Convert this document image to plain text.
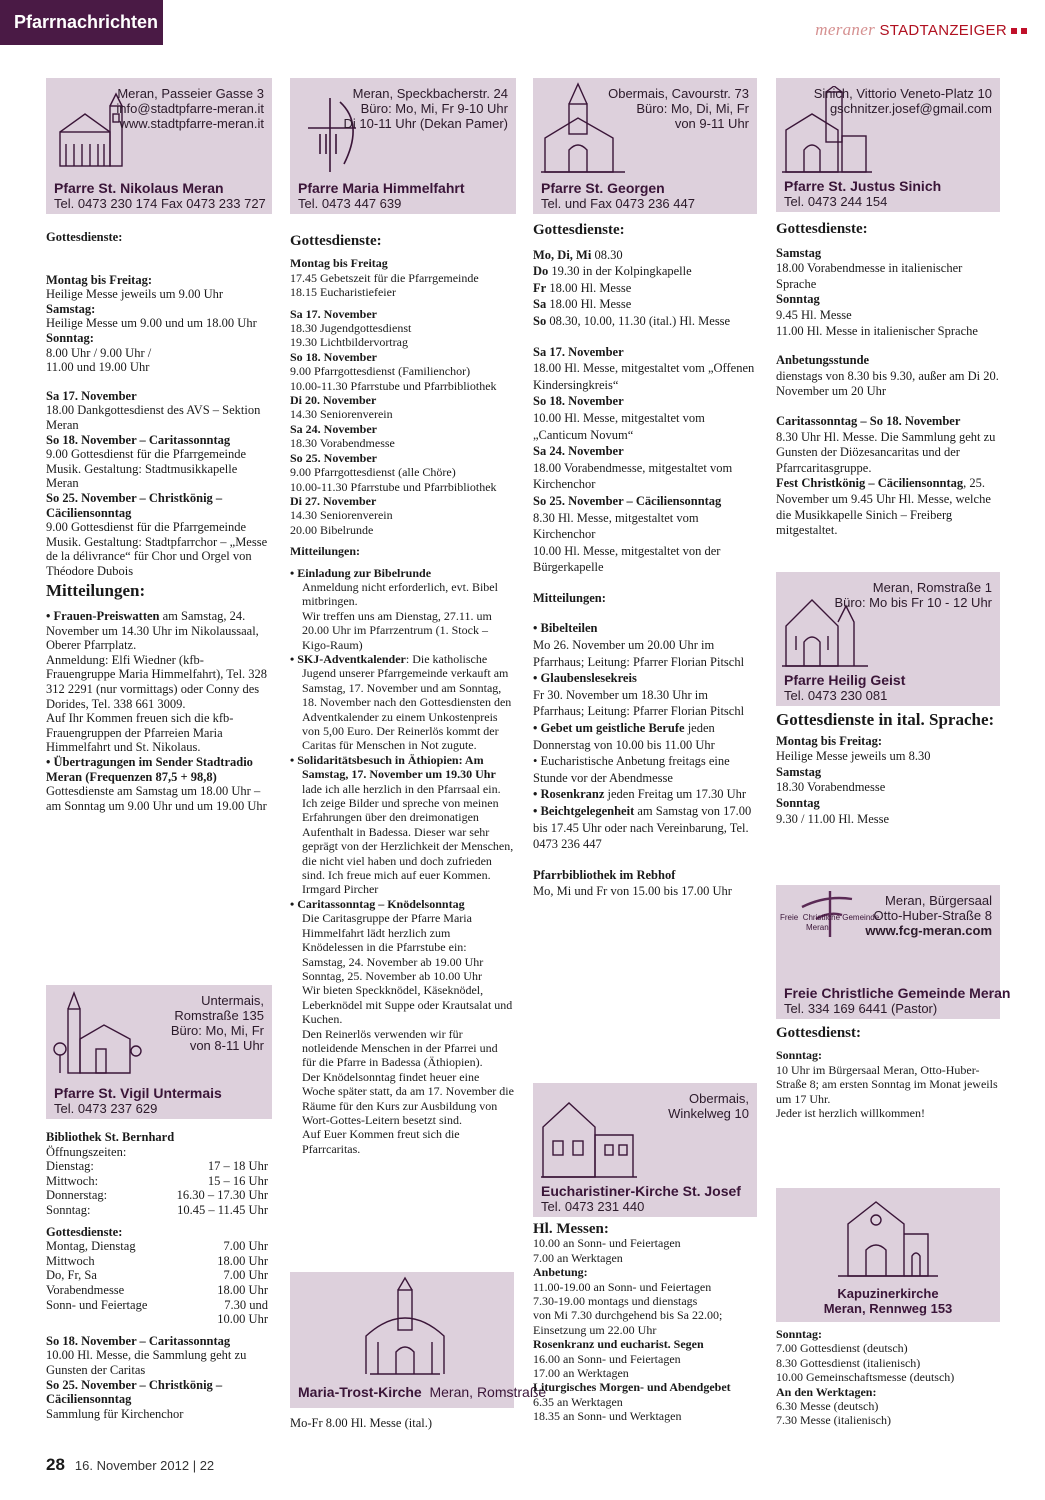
Pfarrnachrichten	meraner STADTANZEIGER
Meran, Passeier Gasse 3
info@stadtpfarre-meran.it
www.stadtpfarre-meran.it
Pfarre St. Nikolaus Meran
Tel. 0473 230 174 Fax 0473 233 727

Gottesdienste:

Montag bis Freitag:

Heilige Messe jeweils um 9.00 Uhr

Samstag:

Heilige Messe um 9.00 und um 18.00 Uhr

Sonntag:

8.00 Uhr / 9.00 Uhr /

11.00 und 19.00 Uhr

Sa 17. November

18.00 Dankgottesdienst des AVS – Sektion Meran

So 18. November – Caritassonntag

9.00 Gottesdienst für die Pfarrgemeinde Musik. Gestaltung: Stadtmusikkapelle Meran

So 25. November – Christkönig – Cäciliensonntag

9.00 Gottesdienst für die Pfarrgemeinde Musik. Gestaltung: Stadtpfarrchor – „Messe de la délivrance“ für Chor und Orgel von Théodore Dubois

Mitteilungen:

• Frauen-Preiswatten am Samstag, 24. November um 14.30 Uhr im Nikolaussaal, Oberer Pfarrplatz.

Anmeldung: Elfi Wiedner (kfb-Frauengruppe Maria Himmelfahrt), Tel. 328 312 2291 (nur vormittags) oder Conny des Dorides, Tel. 338 661 3009.

Auf Ihr Kommen freuen sich die kfb-Frauengruppen der Pfarreien Maria Himmelfahrt und St. Nikolaus.

• Übertragungen im Sender Stadtradio Meran (Frequenzen 87,5 + 98,8)

Gottesdienste am Samstag um 18.00 Uhr – am Sonntag um 9.00 Uhr und um 19.00 Uhr

Untermais,
Romstraße 135
Büro: Mo, Mi, Fr
von 8-11 Uhr
Pfarre St. Vigil Untermais
Tel. 0473 237 629

Bibliothek St. Bernhard

Öffnungszeiten:

Dienstag:	17 – 18 Uhr
Mittwoch:	15 – 16 Uhr
Donnerstag:	16.30 – 17.30 Uhr
Sonntag:	10.45 – 11.45 Uhr

Gottesdienste:

Montag, Dienstag	7.00 Uhr
Mittwoch	18.00 Uhr
Do, Fr, Sa	7.00 Uhr
Vorabendmesse	18.00 Uhr
Sonn- und Feiertage	7.30 und
10.00 Uhr

So 18. November – Caritassonntag

10.00 Hl. Messe, die Sammlung geht zu Gunsten der Caritas

So 25. November – Christkönig – Cäciliensonntag

Sammlung für Kirchenchor

Meran, Speckbacherstr. 24
Büro: Mo, Mi, Fr 9-10 Uhr
Di 10-11 Uhr (Dekan Pamer)
Pfarre Maria Himmelfahrt
Tel. 0473 447 639

Gottesdienste:

Montag bis Freitag

17.45 Gebetszeit für die Pfarrgemeinde

18.15 Eucharistiefeier

Sa 17. November

18.30 Jugendgottesdienst

19.30 Lichtbildervortrag

So 18. November

9.00 Pfarrgottesdienst (Familienchor)

10.00-11.30 Pfarrstube und Pfarrbibliothek

Di 20. November

14.30 Seniorenverein

Sa 24. November

18.30 Vorabendmesse

So 25. November

9.00 Pfarrgottesdienst (alle Chöre)

10.00-11.30 Pfarrstube und Pfarrbibliothek

Di 27. November

14.30 Seniorenverein

20.00 Bibelrunde

Mitteilungen:

• Einladung zur Bibelrunde

Anmeldung nicht erforderlich, evt. Bibel mitbringen.

Wir treffen uns am Dienstag, 27.11. um 20.00 Uhr im Pfarrzentrum (1. Stock – Kigo-Raum)

• SKJ-Adventkalender: Die katholische Jugend unserer Pfarrgemeinde verkauft am Samstag, 17. November und am Sonntag, 18. November nach den Gottesdiensten den Adventkalender zu einem Unkostenpreis von 5,00 Euro. Der Reinerlös kommt der Caritas für Menschen in Not zugute.

• Solidaritätsbesuch in Äthiopien: Am Samstag, 17. November um 19.30 Uhr lade ich alle herzlich in den Pfarrsaal ein. Ich zeige Bilder und spreche von meinen Erfahrungen über den dreimonatigen Aufenthalt in Badessa. Dieser war sehr geprägt von der Herzlichkeit der Menschen, die nicht viel haben und doch zufrieden sind. Ich freue mich auf euer Kommen. Irmgard Pircher

• Caritassonntag – Knödelsonntag

Die Caritasgruppe der Pfarre Maria Himmelfahrt lädt herzlich zum Knödelessen in die Pfarrstube ein:

Samstag, 24. November ab 19.00 Uhr

Sonntag, 25. November ab 10.00 Uhr

Wir bieten Speckknödel, Käseknödel, Leberknödel mit Suppe oder Krautsalat und Kuchen.

Den Reinerlös verwenden wir für notleidende Menschen in der Pfarrei und für die Pfarre in Badessa (Äthiopien).

Der Knödelsonntag findet heuer eine Woche später statt, da am 17. November die Räume für den Kurs zur Ausbildung von Wort-Gottes-Leitern besetzt sind.

Auf Euer Kommen freut sich die Pfarrcaritas.

Maria-Trost-Kirche Meran, Romstraße

Mo-Fr 8.00 Hl. Messe (ital.)

Obermais, Cavourstr. 73
Büro: Mo, Di, Mi, Fr
von 9-11 Uhr
Pfarre St. Georgen
Tel. und Fax 0473 236 447

Gottesdienste:

Mo, Di, Mi 08.30

Do 19.30 in der Kolpingkapelle

Fr 18.00 Hl. Messe

Sa 18.00 Hl. Messe

So 08.30, 10.00, 11.30 (ital.) Hl. Messe

Sa 17. November

18.00 Hl. Messe, mitgestaltet vom „Offenen Kindersingkreis“

So 18. November

10.00 Hl. Messe, mitgestaltet vom „Canticum Novum“

Sa 24. November

18.00 Vorabendmesse, mitgestaltet vom Kirchenchor

So 25. November – Cäciliensonntag

8.30 Hl. Messe, mitgestaltet vom Kirchenchor

10.00 Hl. Messe, mitgestaltet von der Bürgerkapelle

Mitteilungen:

• Bibelteilen

Mo 26. November um 20.00 Uhr im Pfarrhaus; Leitung: Pfarrer Florian Pitschl

• Glaubenslesekreis

Fr 30. November um 18.30 Uhr im Pfarrhaus; Leitung: Pfarrer Florian Pitschl

• Gebet um geistliche Berufe jeden Donnerstag von 10.00 bis 11.00 Uhr

• Eucharistische Anbetung freitags eine Stunde vor der Abendmesse

• Rosenkranz jeden Freitag um 17.30 Uhr

• Beichtgelegenheit am Samstag von 17.00 bis 17.45 Uhr oder nach Vereinbarung, Tel. 0473 236 447

Pfarrbibliothek im Rebhof

Mo, Mi und Fr von 15.00 bis 17.00 Uhr

Obermais,
Winkelweg 10
Eucharistiner-Kirche St. Josef
Tel. 0473 231 440

Hl. Messen:

10.00 an Sonn- und Feiertagen

7.00 an Werktagen

Anbetung:

11.00-19.00 an Sonn- und Feiertagen

7.30-19.00 montags und dienstags

von Mi 7.30 durchgehend bis Sa 22.00;

Einsetzung um 22.00 Uhr

Rosenkranz und eucharist. Segen

16.00 an Sonn- und Feiertagen

17.00 an Werktagen

Liturgisches Morgen- und Abendgebet

6.35 an Werktagen

18.35 an Sonn- und Werktagen

Sinich, Vittorio Veneto-Platz 10
gschnitzer.josef@gmail.com
Pfarre St. Justus Sinich
Tel. 0473 244 154

Gottesdienste:

Samstag

18.00 Vorabendmesse in italienischer Sprache

Sonntag

9.45 Hl. Messe

11.00 Hl. Messe in italienischer Sprache

Anbetungsstunde

dienstags von 8.30 bis 9.30, außer am Di 20. November um 20 Uhr

Caritassonntag – So 18. November

8.30 Uhr Hl. Messe. Die Sammlung geht zu Gunsten der Diözesancaritas und der Pfarrcaritasgruppe.

Fest Christkönig – Cäciliensonntag, 25. November um 9.45 Uhr Hl. Messe, welche die Musikkapelle Sinich – Freiberg mitgestaltet.

Meran, Romstraße 1
Büro: Mo bis Fr 10 - 12 Uhr
Pfarre Heilig Geist
Tel. 0473 230 081

Gottesdienste in ital. Sprache:

Montag bis Freitag:

Heilige Messe jeweils um 8.30

Samstag

18.30 Vorabendmesse

Sonntag

9.30 / 11.00 Hl. Messe

Freie Christliche Gemeinde
Meran
Meran, Bürgersaal
Otto-Huber-Straße 8
www.fcg-meran.com
Freie Christliche Gemeinde Meran
Tel. 334 169 6441 (Pastor)

Gottesdienst:

Sonntag:

10 Uhr im Bürgersaal Meran, Otto-Huber-Straße 8; am ersten Sonntag im Monat jeweils um 17 Uhr.

Jeder ist herzlich willkommen!

Kapuzinerkirche
Meran, Rennweg 153

Sonntag:

7.00 Gottesdienst (deutsch)

8.30 Gottesdienst (italienisch)

10.00 Gemeinschaftsmesse (deutsch)

An den Werktagen:

6.30 Messe (deutsch)

7.30 Messe (italienisch)

28 16. November 2012 | 22
